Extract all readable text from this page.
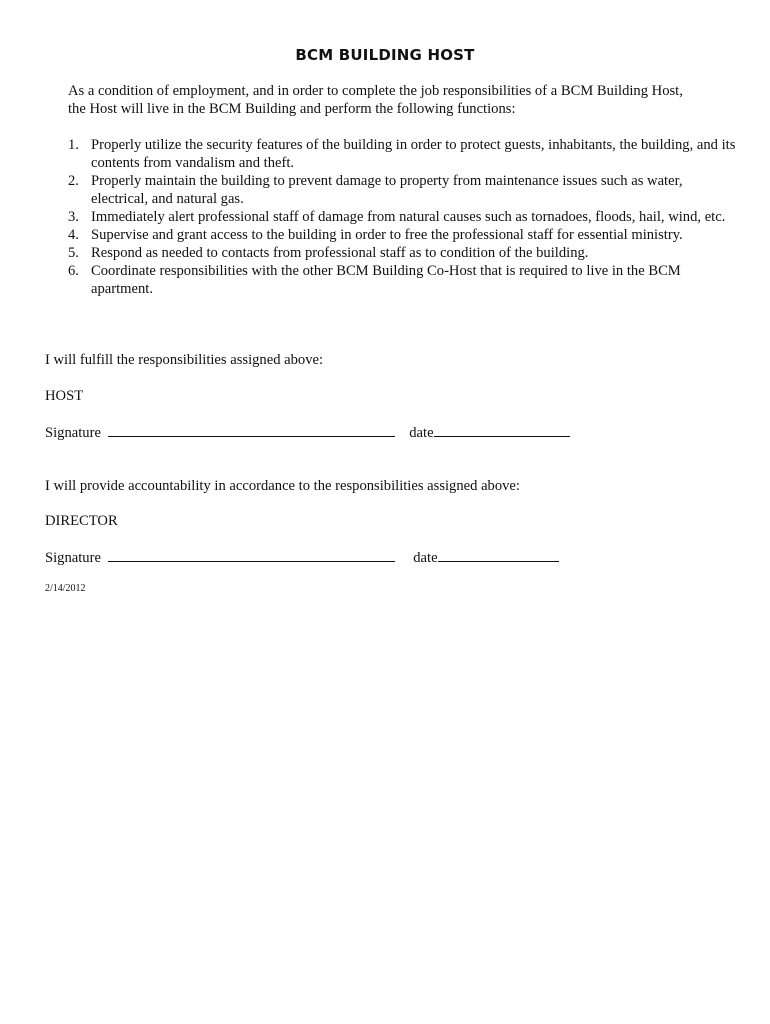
BCM BUILDING HOST
As a condition of employment, and in order to complete the job responsibilities of a BCM Building Host, the Host will live in the BCM Building and perform the following functions:
1. Properly utilize the security features of the building in order to protect guests, inhabitants, the building, and its contents from vandalism and theft.
2. Properly maintain the building to prevent damage to property from maintenance issues such as water, electrical, and natural gas.
3. Immediately alert professional staff of damage from natural causes such as tornadoes, floods, hail, wind, etc.
4. Supervise and grant access to the building in order to free the professional staff for essential ministry.
5. Respond as needed to contacts from professional staff as to condition of the building.
6. Coordinate responsibilities with the other BCM Building Co-Host that is required to live in the BCM apartment.
I will fulfill the responsibilities assigned above:
HOST
Signature	date
I will provide accountability in accordance to the responsibilities assigned above:
DIRECTOR
Signature	date
2/14/2012
